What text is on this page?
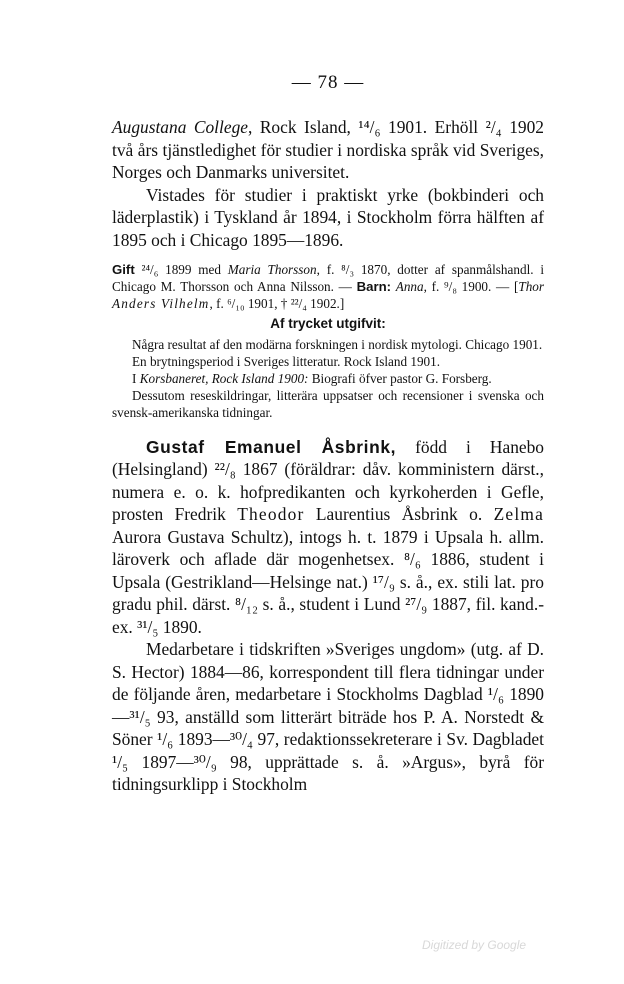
— 78 —

Augustana College, Rock Island, ¹⁴/₆ 1901. Erhöll ²/₄ 1902 två års tjänstledighet för studier i nordiska språk vid Sveriges, Norges och Danmarks universitet.

Vistades för studier i praktiskt yrke (bokbinderi och läderplastik) i Tyskland år 1894, i Stockholm förra hälften af 1895 och i Chicago 1895—1896.

Gift ²⁴/₆ 1899 med Maria Thorsson, f. ⁸/₃ 1870, dotter af spanmålshandl. i Chicago M. Thorsson och Anna Nilsson. — Barn: Anna, f. ⁹/₈ 1900. — [Thor Anders Vilhelm, f. ⁶/₁₀ 1901, † ²²/₄ 1902.]

Af trycket utgifvit:

Några resultat af den modärna forskningen i nordisk mytologi. Chicago 1901.

En brytningsperiod i Sveriges litteratur. Rock Island 1901.

I Korsbaneret, Rock Island 1900: Biografi öfver pastor G. Forsberg.

Dessutom reseskildringar, litterära uppsatser och recensioner i svenska och svensk-amerikanska tidningar.

Gustaf Emanuel Åsbrink, född i Hanebo (Helsingland) ²²/₈ 1867 (föräldrar: dåv. komministern därst., numera e. o. k. hofpredikanten och kyrkoherden i Gefle, prosten Fredrik Theodor Laurentius Åsbrink o. Zelma Aurora Gustava Schultz), intogs h. t. 1879 i Upsala h. allm. läroverk och aflade där mogenhetsex. ⁸/₆ 1886, student i Upsala (Gestrikland—Helsinge nat.) ¹⁷/₉ s. å., ex. stili lat. pro gradu phil. därst. ⁸/₁₂ s. å., student i Lund ²⁷/₉ 1887, fil. kand.-ex. ³¹/₅ 1890.

Medarbetare i tidskriften »Sveriges ungdom» (utg. af D. S. Hector) 1884—86, korrespondent till flera tidningar under de följande åren, medarbetare i Stockholms Dagblad ¹/₆ 1890—³¹/₅ 93, anställd som litterärt biträde hos P. A. Norstedt & Söner ¹/₆ 1893—³⁰/₄ 97, redaktionssekreterare i Sv. Dagbladet ¹/₅ 1897—³⁰/₉ 98, upprättade s. å. »Argus», byrå för tidningsurklipp i Stockholm

Digitized by Google
